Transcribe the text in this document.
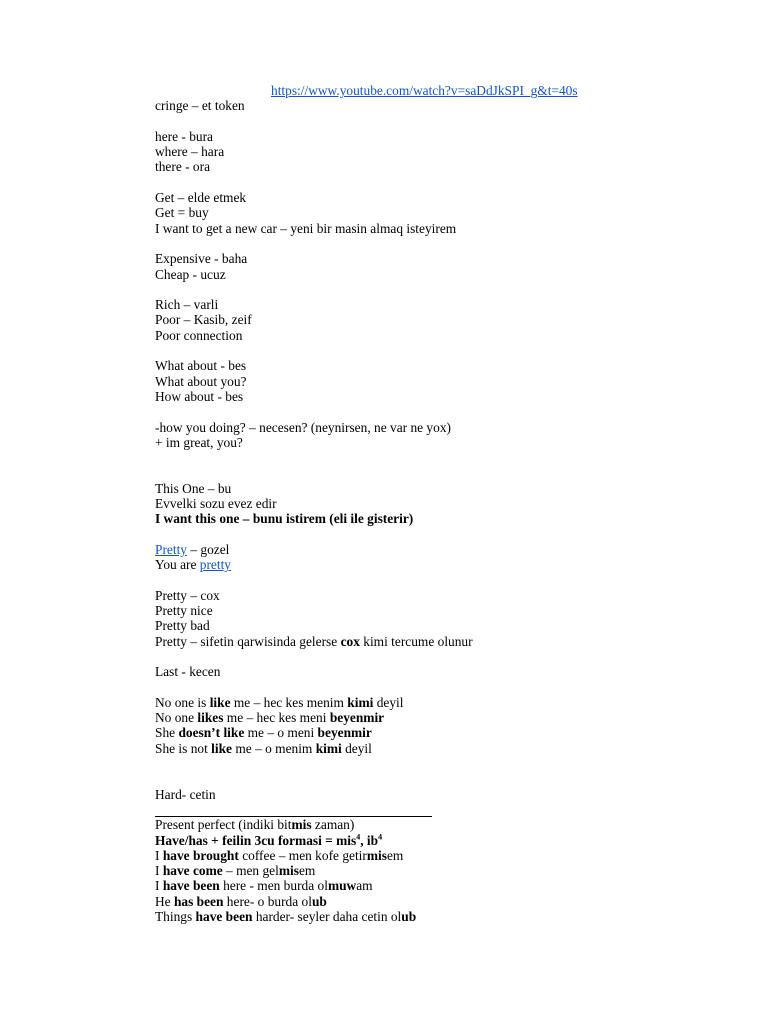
https://www.youtube.com/watch?v=saDdJkSPI_g&t=40s
cringe – et token
here - bura
where – hara
there - ora
Get – elde etmek
Get = buy
I want to get a new car – yeni bir masin almaq isteyirem
Expensive - baha
Cheap - ucuz
Rich – varli
Poor – Kasib, zeif
Poor connection
What about - bes
What about you?
How about - bes
-how you doing? – necesen? (neynirsen, ne var ne yox)
+ im great, you?
This One – bu
Evvelki sozu evez edir
I want this one – bunu istirem (eli ile gisterir)
Pretty – gozel
You are pretty
Pretty – cox
Pretty nice
Pretty bad
Pretty – sifetin qarwisinda gelerse cox kimi tercume olunur
Last - kecen
No one is like me – hec kes menim kimi deyil
No one likes me – hec kes meni beyenmir
She doesn’t like me – o meni beyenmir
She is not like me – o menim kimi deyil
Hard- cetin
Present perfect (indiki bitmis zaman)
Have/has + feilin 3cu formasi = mis$^4$, $ib^4$
I have brought coffee – men kofe getirmisem
I have come – men gelmisem
I have been here - men burda olmuwam
He has been here- o burda olub
Things have been harder- seyler daha cetin olub
